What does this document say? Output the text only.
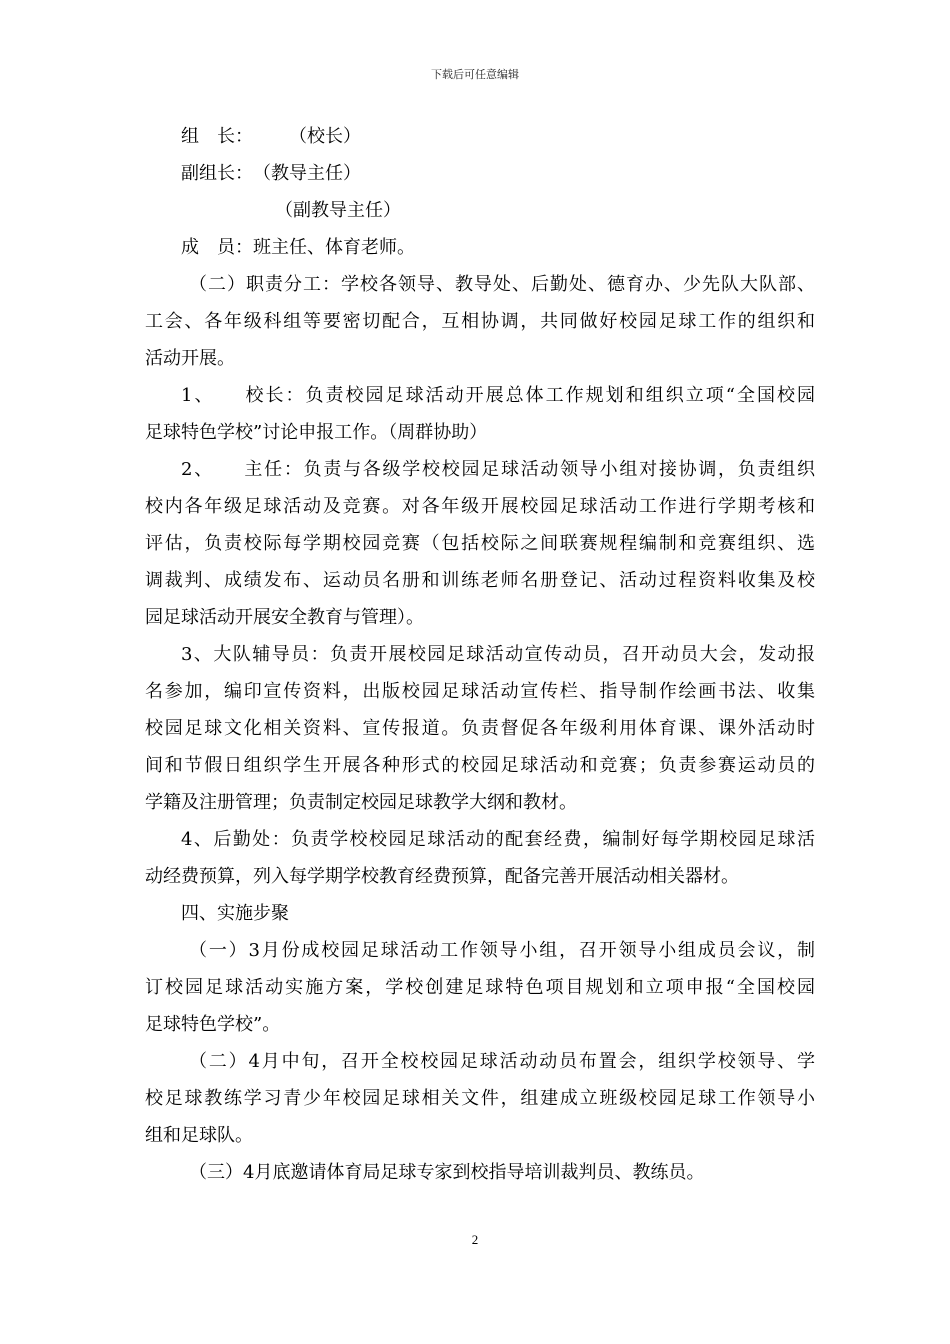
下载后可任意编辑
组　长：　　　（校长）
副组长：　（教导主任）
（副教导主任）
成　员：班主任、体育老师。
（二）职责分工：学校各领导、教导处、后勤处、德育办、少先队大队部、
工会、各年级科组等要密切配合，互相协调，共同做好校园足球工作的组织和
活动开展。
1、　　校长：负责校园足球活动开展总体工作规划和组织立项“全国校园
足球特色学校”讨论申报工作。（周群协助）
2、　　主任：负责与各级学校校园足球活动领导小组对接协调，负责组织
校内各年级足球活动及竞赛。对各年级开展校园足球活动工作进行学期考核和
评估，负责校际每学期校园竞赛（包括校际之间联赛规程编制和竞赛组织、选
调裁判、成绩发布、运动员名册和训练老师名册登记、活动过程资料收集及校
园足球活动开展安全教育与管理）。
3、大队辅导员：负责开展校园足球活动宣传动员，召开动员大会，发动报
名参加，编印宣传资料，出版校园足球活动宣传栏、指导制作绘画书法、收集
校园足球文化相关资料、宣传报道。负责督促各年级利用体育课、课外活动时
间和节假日组织学生开展各种形式的校园足球活动和竞赛；负责参赛运动员的
学籍及注册管理；负责制定校园足球教学大纲和教材。
4、后勤处：负责学校校园足球活动的配套经费，编制好每学期校园足球活
动经费预算，列入每学期学校教育经费预算，配备完善开展活动相关器材。
四、实施步聚
（一）3月份成校园足球活动工作领导小组，召开领导小组成员会议，制
订校园足球活动实施方案，学校创建足球特色项目规划和立项申报“全国校园
足球特色学校”。
（二）4月中旬，召开全校校园足球活动动员布置会，组织学校领导、学
校足球教练学习青少年校园足球相关文件，组建成立班级校园足球工作领导小
组和足球队。
（三）4月底邀请体育局足球专家到校指导培训裁判员、教练员。
2
